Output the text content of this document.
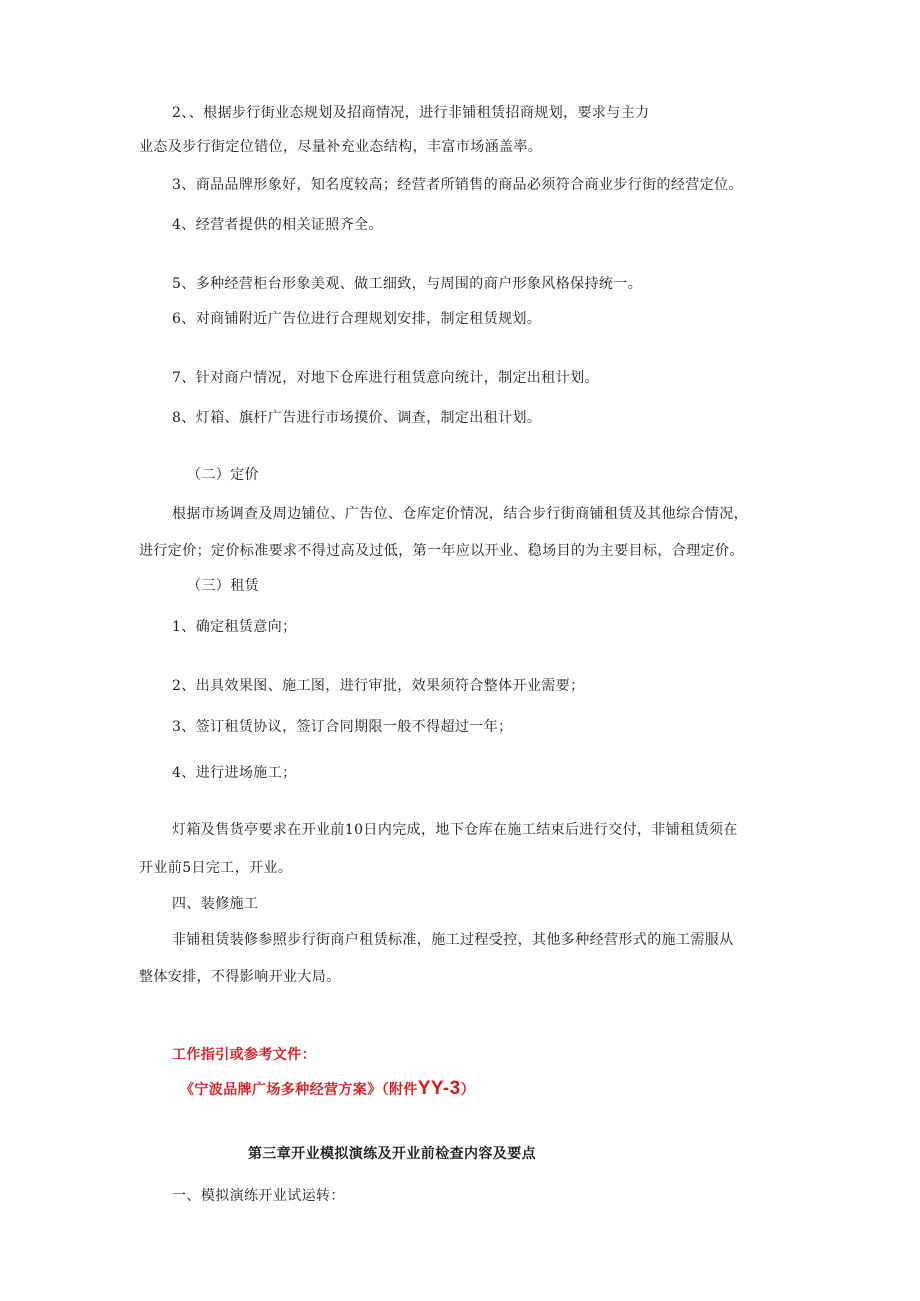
2、、根据步行街业态规划及招商情况，进行非铺租赁招商规划，要求与主力
业态及步行街定位错位，尽量补充业态结构，丰富市场涵盖率。
3、商品品牌形象好，知名度较高；经营者所销售的商品必须符合商业步行街的经营定位。
4、经营者提供的相关证照齐全。
5、多种经营柜台形象美观、做工细致，与周围的商户形象风格保持统一。
6、对商铺附近广告位进行合理规划安排，制定租赁规划。
7、针对商户情况，对地下仓库进行租赁意向统计，制定出租计划。
8、灯箱、旗杆广告进行市场摸价、调查，制定出租计划。
（二）定价
根据市场调查及周边铺位、广告位、仓库定价情况，结合步行街商铺租赁及其他综合情况，
进行定价；定价标准要求不得过高及过低，第一年应以开业、稳场目的为主要目标，合理定价。
（三）租赁
1、确定租赁意向；
2、出具效果图、施工图，进行审批，效果须符合整体开业需要；
3、签订租赁协议，签订合同期限一般不得超过一年；
4、进行进场施工；
灯箱及售货亭要求在开业前10日内完成，地下仓库在施工结束后进行交付，非铺租赁须在
开业前5日完工，开业。
四、装修施工
非铺租赁装修参照步行街商户租赁标准，施工过程受控，其他多种经营形式的施工需服从
整体安排，不得影响开业大局。
工作指引或参考文件：
《宁波品牌广场多种经营方案》（附件YY-3）
第三章开业模拟演练及开业前检查内容及要点
一、模拟演练开业试运转：
